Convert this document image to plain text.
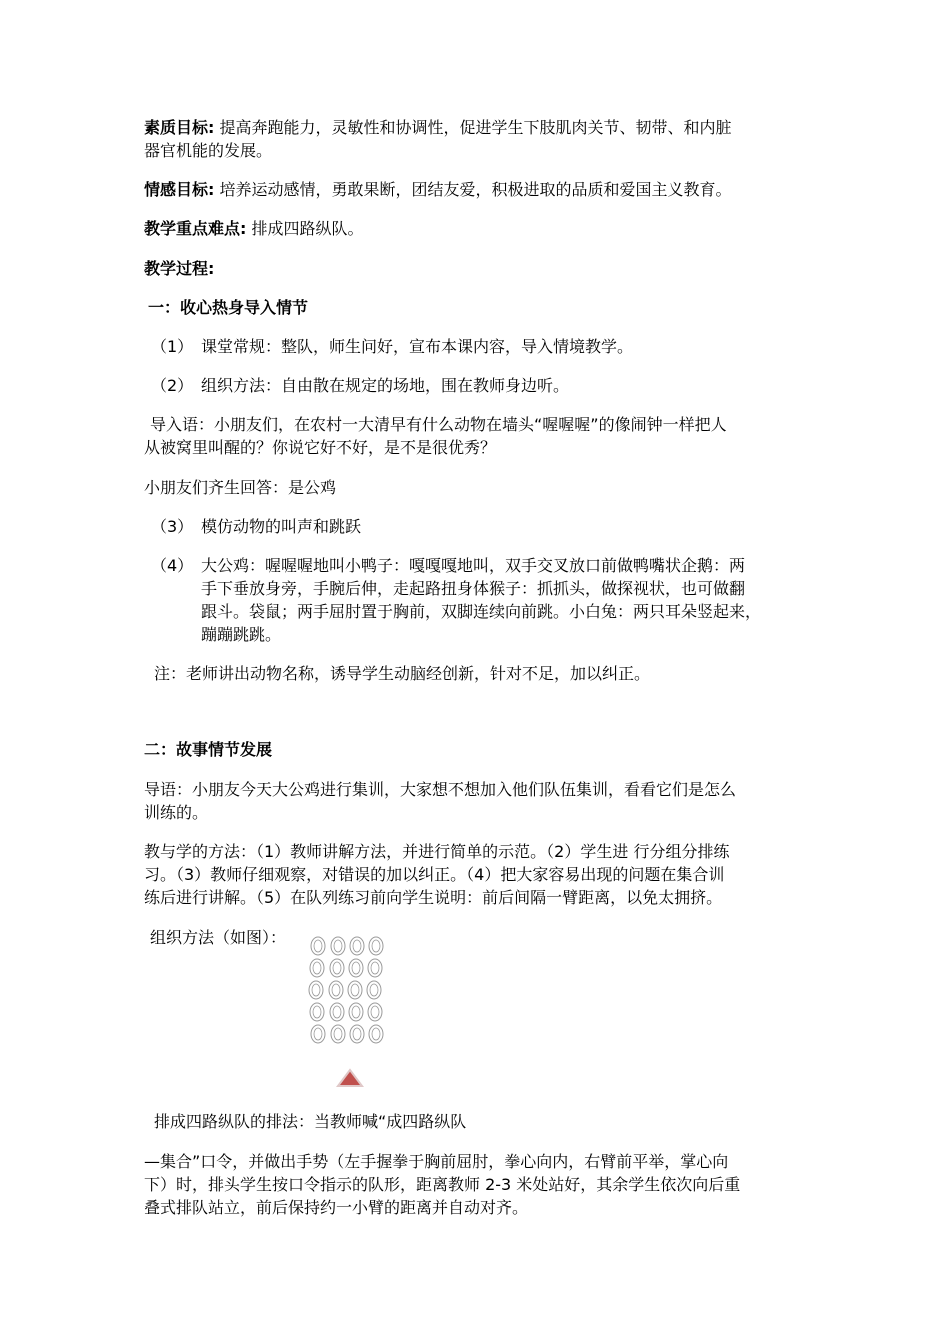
素质目标: 提高奔跑能力，灵敏性和协调性，促进学生下肢肌肉关节、韧带、和内脏

器官机能的发展。

情感目标: 培养运动感情，勇敢果断，团结友爱，积极进取的品质和爱国主义教育。

教学重点难点: 排成四路纵队。

教学过程:

一：收心热身导入情节

（1） 课堂常规：整队，师生问好，宣布本课内容，导入情境教学。
（2） 组织方法：自由散在规定的场地，围在教师身边听。

导入语：小朋友们，在农村一大清早有什么动物在墙头“喔喔喔”的像闹钟一样把人

从被窝里叫醒的？你说它好不好，是不是很优秀？

小朋友们齐生回答：是公鸡

（3） 模仿动物的叫声和跳跃
（4） 大公鸡：喔喔喔地叫小鸭子：嘎嘎嘎地叫，双手交叉放口前做鸭嘴状企鹅：两
手下垂放身旁，手腕后伸，走起路扭身体猴子：抓抓头，做探视状，也可做翻
跟斗。袋鼠；两手屈肘置于胸前，双脚连续向前跳。小白兔：两只耳朵竖起来，
蹦蹦跳跳。

注：老师讲出动物名称，诱导学生动脑经创新，针对不足，加以纠正。

二：故事情节发展

导语：小朋友今天大公鸡进行集训，大家想不想加入他们队伍集训，看看它们是怎么

训练的。

教与学的方法：（1）教师讲解方法，并进行简单的示范。（2）学生进 行分组分排练

习。（3）教师仔细观察，对错误的加以纠正。（4）把大家容易出现的问题在集合训

练后进行讲解。（5）在队列练习前向学生说明：前后间隔一臂距离，以免太拥挤。

组织方法（如图）：

排成四路纵队的排法：当教师喊“成四路纵队

—集合”口令，并做出手势（左手握拳于胸前屈肘，拳心向内，右臂前平举，掌心向

下）时，排头学生按口令指示的队形，距离教师 2-3 米处站好，其余学生依次向后重

叠式排队站立，前后保持约一小臂的距离并自动对齐。
